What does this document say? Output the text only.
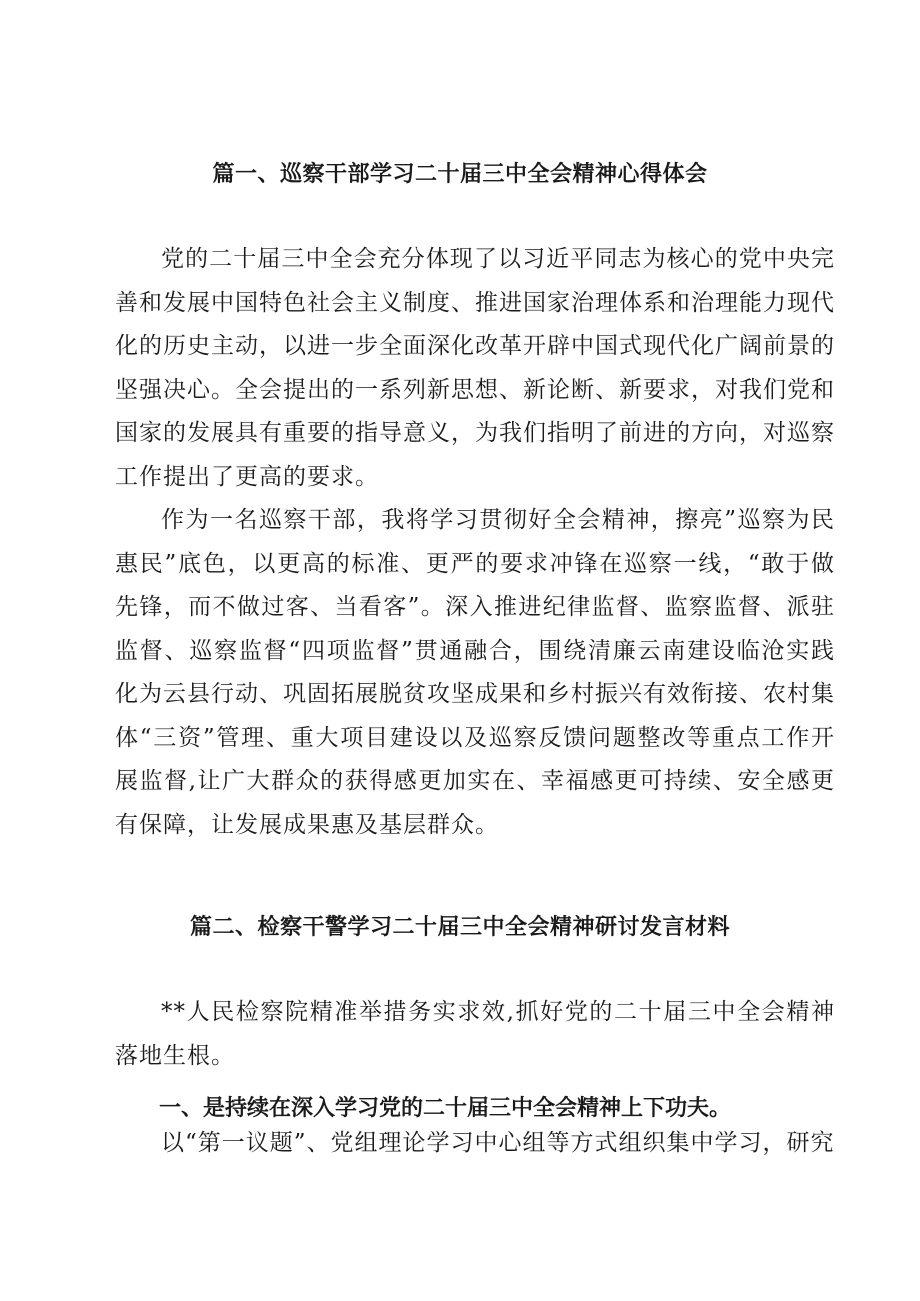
篇一、巡察干部学习二十届三中全会精神心得体会

党的二十届三中全会充分体现了以习近平同志为核心的党中央完善和发展中国特色社会主义制度、推进国家治理体系和治理能力现代化的历史主动，以进一步全面深化改革开辟中国式现代化广阔前景的坚强决心。全会提出的一系列新思想、新论断、新要求，对我们党和国家的发展具有重要的指导意义，为我们指明了前进的方向，对巡察工作提出了更高的要求。

作为一名巡察干部，我将学习贯彻好全会精神，擦亮”巡察为民惠民”底色，以更高的标准、更严的要求冲锋在巡察一线，“敢于做先锋，而不做过客、当看客”。深入推进纪律监督、监察监督、派驻监督、巡察监督“四项监督”贯通融合，围绕清廉云南建设临沧实践化为云县行动、巩固拓展脱贫攻坚成果和乡村振兴有效衔接、农村集体“三资”管理、重大项目建设以及巡察反馈问题整改等重点工作开展监督,让广大群众的获得感更加实在、幸福感更可持续、安全感更有保障，让发展成果惠及基层群众。

篇二、检察干警学习二十届三中全会精神研讨发言材料

**人民检察院精准举措务实求效,抓好党的二十届三中全会精神落地生根。

一、是持续在深入学习党的二十届三中全会精神上下功夫。

以“第一议题”、党组理论学习中心组等方式组织集中学习，研究
